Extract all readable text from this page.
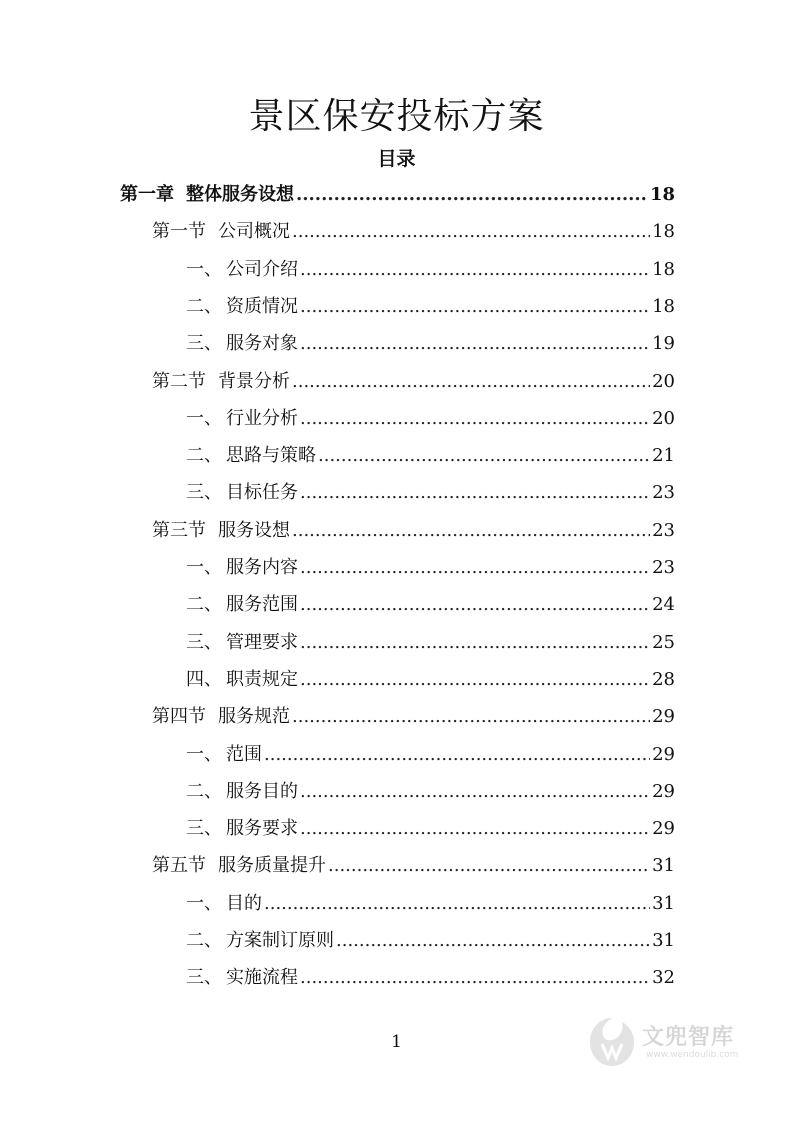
景区保安投标方案
目录
第一章 整体服务设想 .....	18
第一节 公司概况 .....	18
一、 公司介绍 .....	18
二、 资质情况 .....	18
三、 服务对象 .....	19
第二节 背景分析 .....	20
一、 行业分析 .....	20
二、 思路与策略 .....	21
三、 目标任务 .....	23
第三节 服务设想 .....	23
一、 服务内容 .....	23
二、 服务范围 .....	24
三、 管理要求 .....	25
四、 职责规定 .....	28
第四节 服务规范 .....	29
一、 范围 .....	29
二、 服务目的 .....	29
三、 服务要求 .....	29
第五节 服务质量提升 .....	31
一、 目的 .....	31
二、 方案制订原则 .....	31
三、 实施流程 .....	32
1	文兜智库
www.wendoulib.com
